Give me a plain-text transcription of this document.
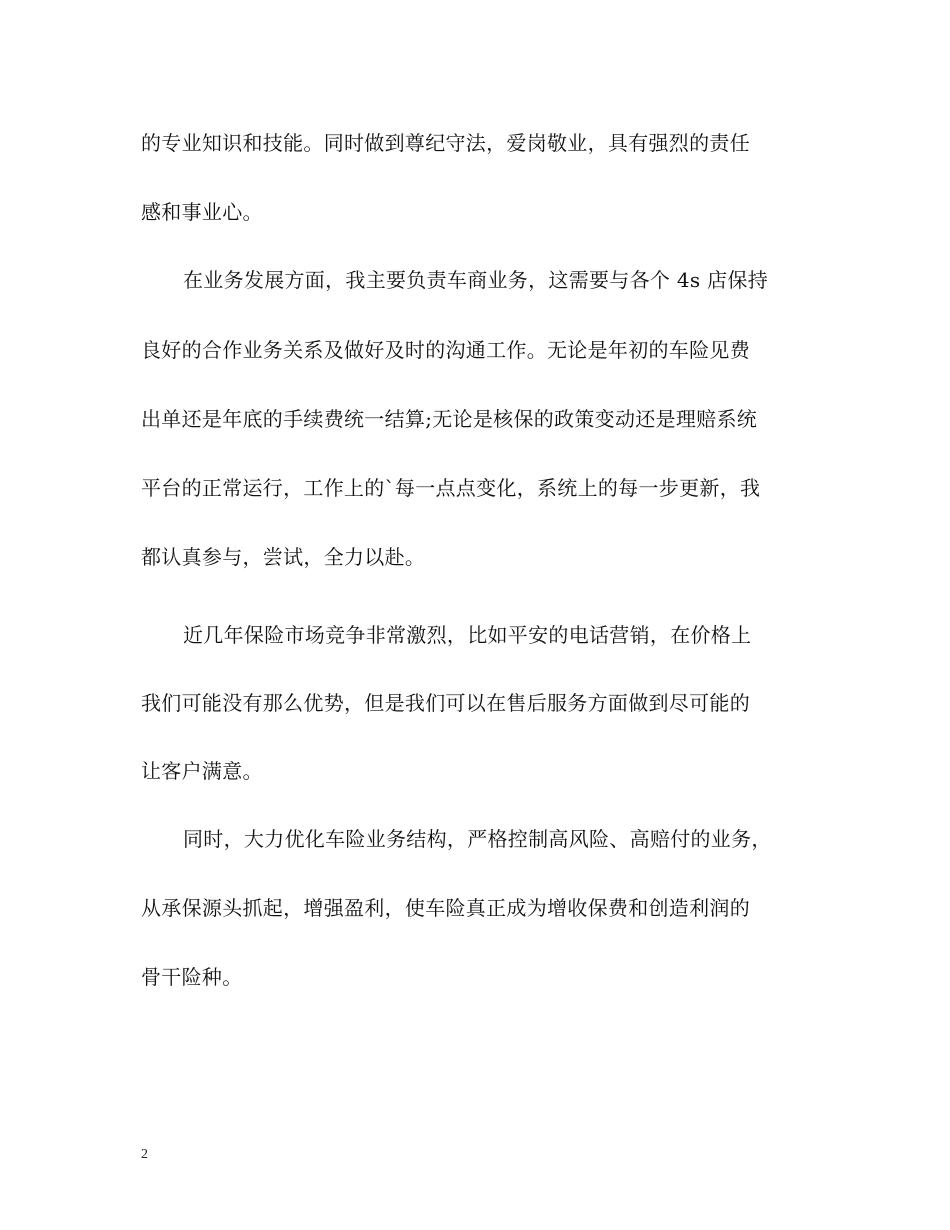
的专业知识和技能。同时做到尊纪守法，爱岗敬业，具有强烈的责任

感和事业心。

在业务发展方面，我主要负责车商业务，这需要与各个 4s 店保持

良好的合作业务关系及做好及时的沟通工作。无论是年初的车险见费

出单还是年底的手续费统一结算;无论是核保的政策变动还是理赔系统

平台的正常运行，工作上的`每一点点变化，系统上的每一步更新，我

都认真参与，尝试，全力以赴。

近几年保险市场竞争非常激烈，比如平安的电话营销，在价格上

我们可能没有那么优势，但是我们可以在售后服务方面做到尽可能的

让客户满意。

同时，大力优化车险业务结构，严格控制高风险、高赔付的业务，

从承保源头抓起，增强盈利，使车险真正成为增收保费和创造利润的

骨干险种。

2
